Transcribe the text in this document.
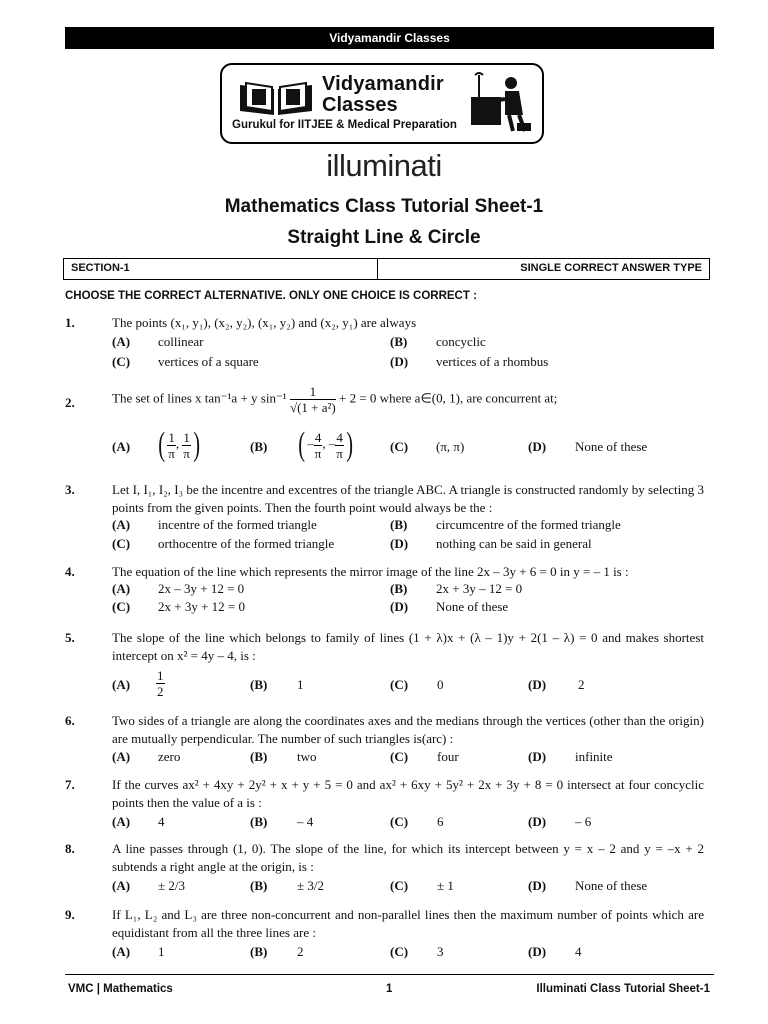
Vidyamandir Classes
Vidyamandir
Classes
Gurukul for IITJEE & Medical Preparation
illuminati
Mathematics Class Tutorial Sheet-1
Straight Line & Circle
SECTION-1	SINGLE CORRECT ANSWER TYPE
CHOOSE THE CORRECT ALTERNATIVE. ONLY ONE CHOICE IS CORRECT :
1.	The points (x₁, y₁), (x₂, y₂), (x₁, y₂) and (x₂, y₁) are always
(A) collinear	(B) concyclic
(C) vertices of a square	(D) vertices of a rhombus
2.	The set of lines x tan⁻¹a + y $\sin^{-1} \frac{1}{\text{√(1 + a²)}} + 2 = 0$ where a∈(0, 1), are concurrent at;
(A) ( $\frac{1}{\pi}$ , $\frac{1}{\pi}$ )	(B) ( – $\frac{4}{\pi}$ , – $\frac{4}{\pi}$ )	(C) (π, π)	(D) None of these
3.	Let I, I₁, I₂, I₃ be the incentre and excentres of the triangle ABC. A triangle is constructed randomly by selecting 3 points from the given points. Then the fourth point would always be the :
(A) incentre of the formed triangle	(B) circumcentre of the formed triangle
(C) orthocentre of the formed triangle	(D) nothing can be said in general
4.	The equation of the line which represents the mirror image of the line 2x – 3y + 6 = 0 in y = – 1 is :
(A) 2x – 3y + 12 = 0	(B) 2x + 3y – 12 = 0
(C) 2x + 3y + 12 = 0	(D) None of these
5.	The slope of the line which belongs to family of lines (1 + λ)x + (λ – 1)y + 2(1 – λ) = 0 and makes shortest intercept on x² = 4y – 4, is :
$(A) \frac{1}{2}$	(B) 1	(C) 0	(D) 2
6.	Two sides of a triangle are along the coordinates axes and the medians through the vertices (other than the origin) are mutually perpendicular. The number of such triangles is(arc) :
(A) zero	(B) two	(C) four	(D) infinite
7.	If the curves ax² + 4xy + 2y² + x + y + 5 = 0 and ax² + 6xy + 5y² + 2x + 3y + 8 = 0 intersect at four concyclic points then the value of a is :
(A) 4	(B) – 4	(C) 6	(D) – 6
8.	A line passes through (1, 0). The slope of the line, for which its intercept between y = x – 2 and y = –x + 2 subtends a right angle at the origin, is :
(A) ± 2/3	(B) ± 3/2	(C) ± 1	(D) None of these
9.	If L₁, L₂ and L₃ are three non-concurrent and non-parallel lines then the maximum number of points which are equidistant from all the three lines are :
(A) 1	(B) 2	(C) 3	(D) 4
VMC | Mathematics	1	Illuminati Class Tutorial Sheet-1
